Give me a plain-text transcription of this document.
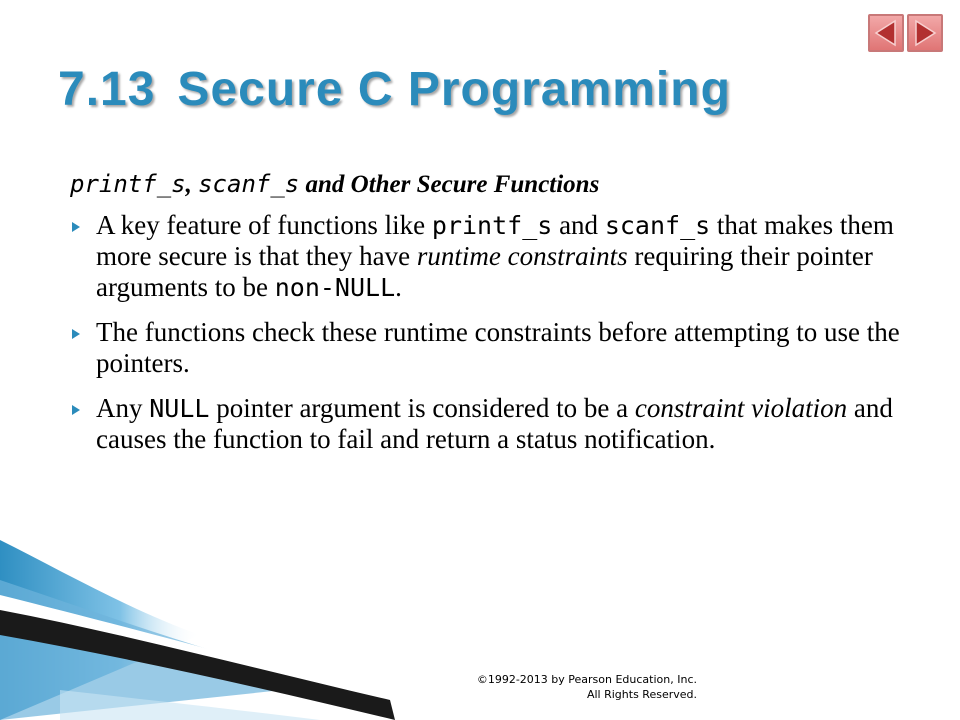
7.13 Secure C Programming
printf_s, scanf_s and Other Secure Functions
A key feature of functions like printf_s and scanf_s that makes them more secure is that they have runtime constraints requiring their pointer arguments to be non-NULL.
The functions check these runtime constraints before attempting to use the pointers.
Any NULL pointer argument is considered to be a constraint violation and causes the function to fail and return a status notification.
©1992-2013 by Pearson Education, Inc.
All Rights Reserved.
